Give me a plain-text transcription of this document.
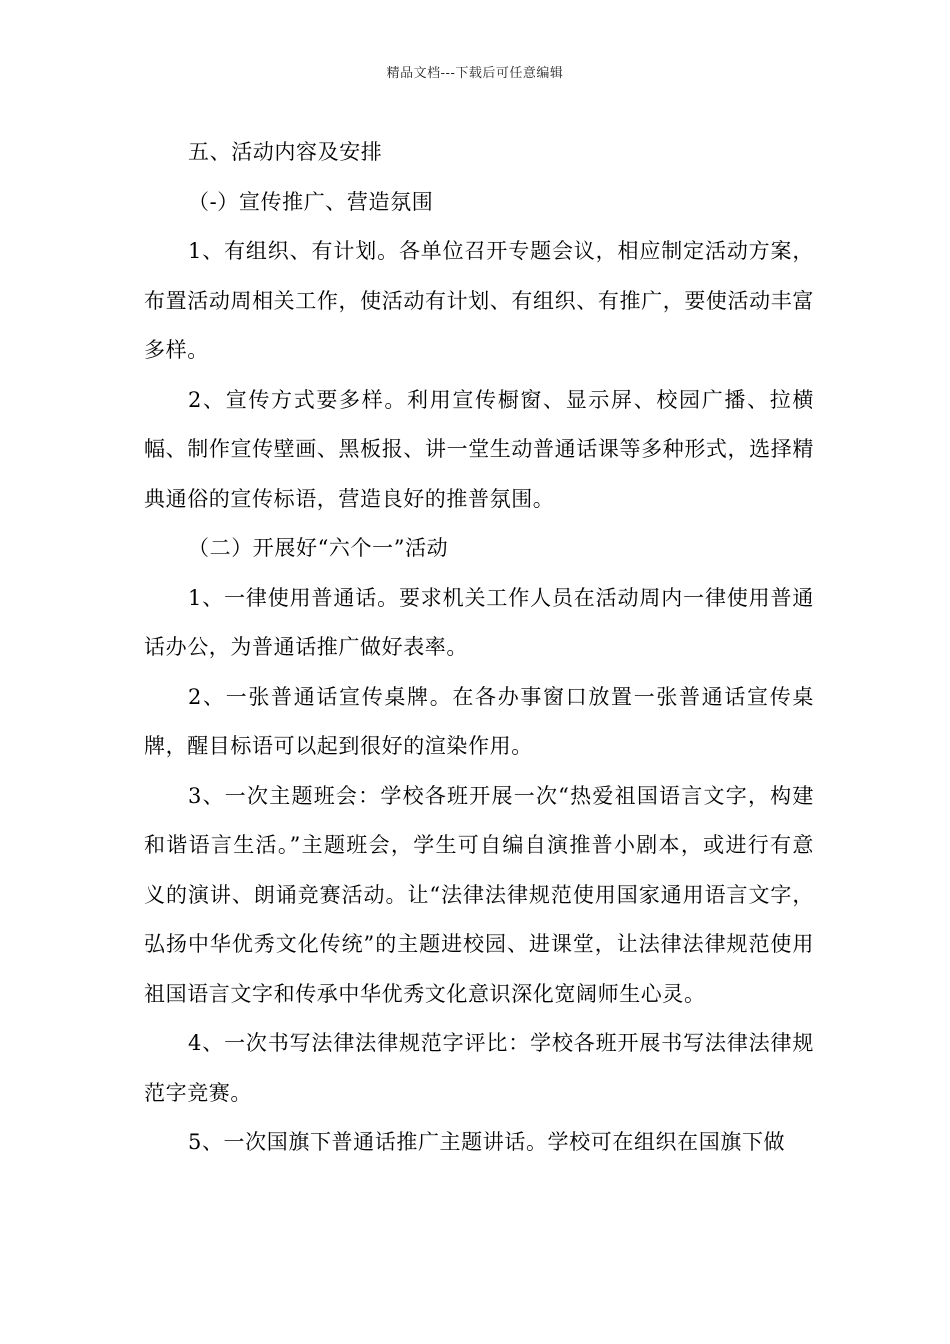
精品文档---下载后可任意编辑

五、活动内容及安排

（-）宣传推广、营造氛围

1、有组织、有计划。各单位召开专题会议，相应制定活动方案，布置活动周相关工作，使活动有计划、有组织、有推广，要使活动丰富多样。

2、宣传方式要多样。利用宣传橱窗、显示屏、校园广播、拉横幅、制作宣传壁画、黑板报、讲一堂生动普通话课等多种形式，选择精典通俗的宣传标语，营造良好的推普氛围。

（二）开展好“六个一”活动

1、一律使用普通话。要求机关工作人员在活动周内一律使用普通话办公，为普通话推广做好表率。

2、一张普通话宣传桌牌。在各办事窗口放置一张普通话宣传桌牌，醒目标语可以起到很好的渲染作用。

3、一次主题班会：学校各班开展一次“热爱祖国语言文字，构建和谐语言生活。”主题班会，学生可自编自演推普小剧本，或进行有意义的演讲、朗诵竞赛活动。让“法律法律规范使用国家通用语言文字，弘扬中华优秀文化传统”的主题进校园、进课堂，让法律法律规范使用祖国语言文字和传承中华优秀文化意识深化宽阔师生心灵。

4、一次书写法律法律规范字评比：学校各班开展书写法律法律规范字竞赛。

5、一次国旗下普通话推广主题讲话。学校可在组织在国旗下做
